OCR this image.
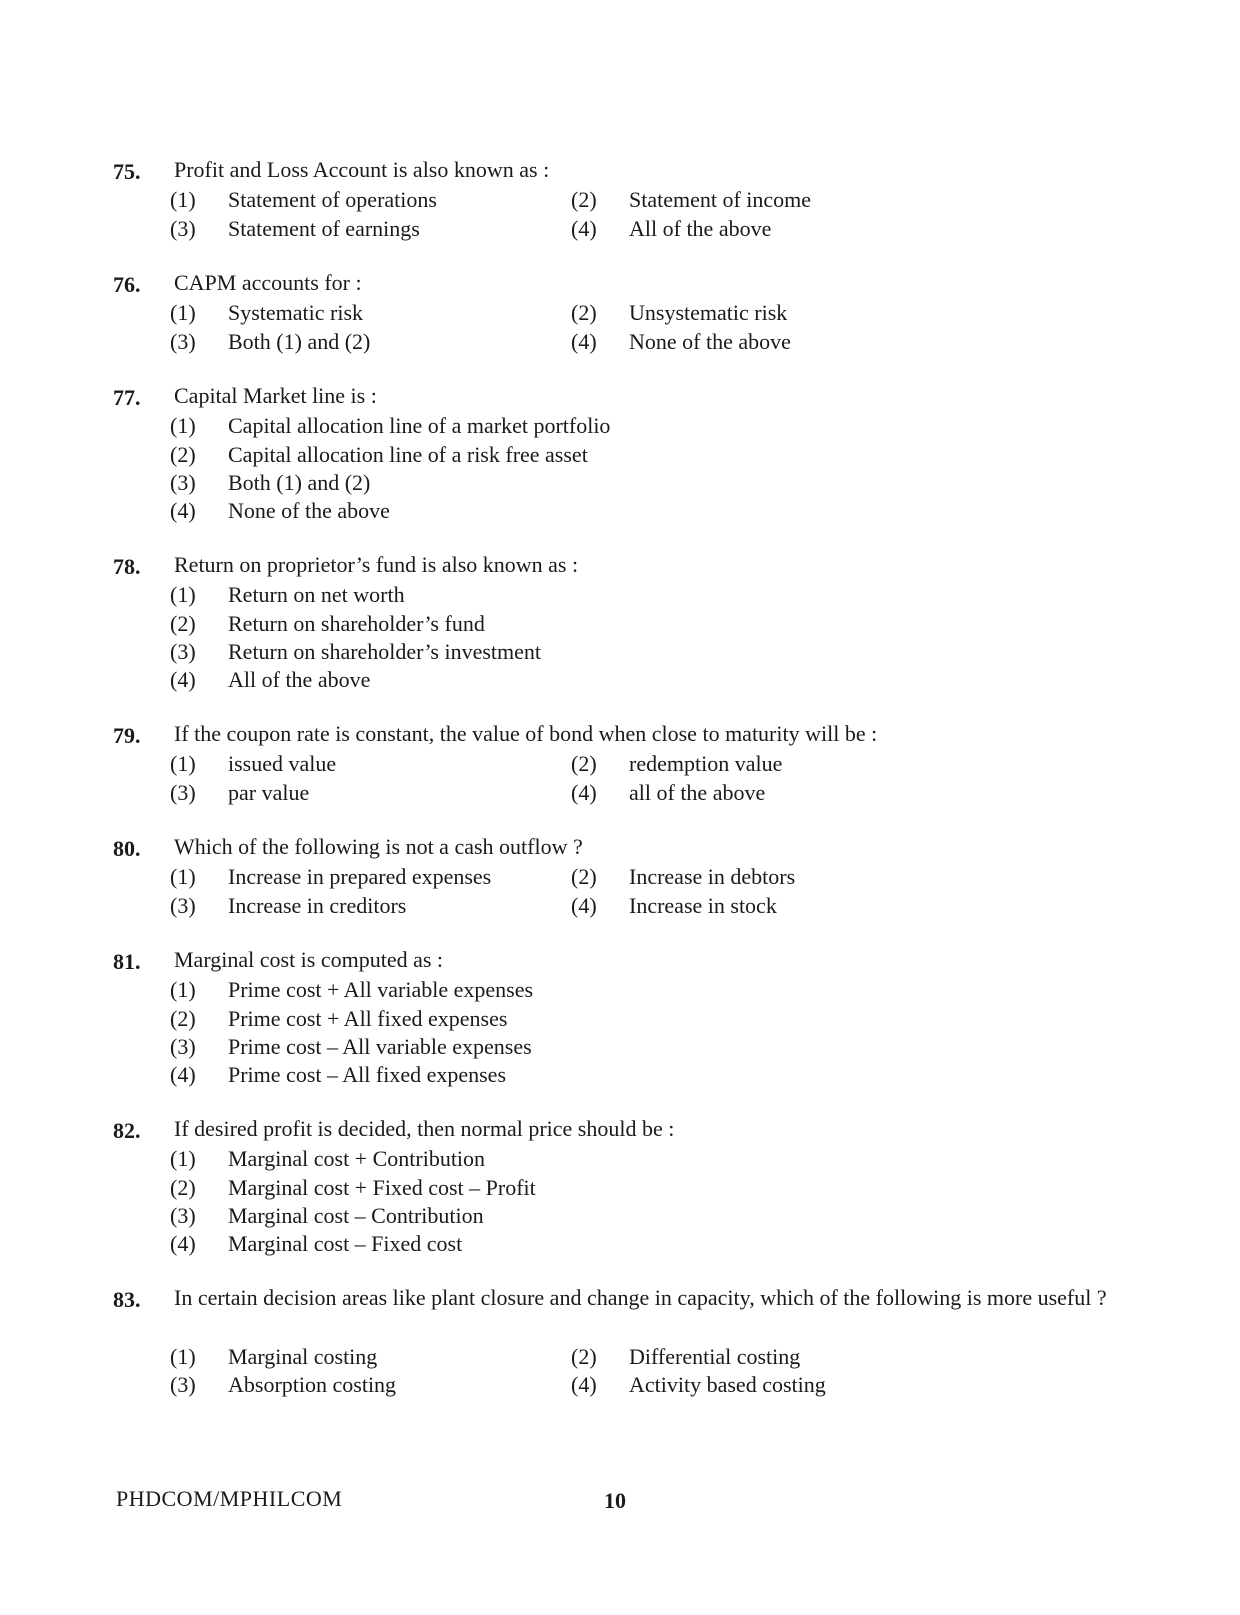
75. Profit and Loss Account is also known as :
(1) Statement of operations	(2) Statement of income
(3) Statement of earnings	(4) All of the above
76. CAPM accounts for :
(1) Systematic risk	(2) Unsystematic risk
(3) Both (1) and (2)	(4) None of the above
77. Capital Market line is :
(1) Capital allocation line of a market portfolio
(2) Capital allocation line of a risk free asset
(3) Both (1) and (2)
(4) None of the above
78. Return on proprietor’s fund is also known as :
(1) Return on net worth
(2) Return on shareholder’s fund
(3) Return on shareholder’s investment
(4) All of the above
79. If the coupon rate is constant, the value of bond when close to maturity will be :
(1) issued value	(2) redemption value
(3) par value	(4) all of the above
80. Which of the following is not a cash outflow ?
(1) Increase in prepared expenses	(2) Increase in debtors
(3) Increase in creditors	(4) Increase in stock
81. Marginal cost is computed as :
(1) Prime cost + All variable expenses
(2) Prime cost + All fixed expenses
(3) Prime cost – All variable expenses
(4) Prime cost – All fixed expenses
82. If desired profit is decided, then normal price should be :
(1) Marginal cost + Contribution
(2) Marginal cost + Fixed cost – Profit
(3) Marginal cost – Contribution
(4) Marginal cost – Fixed cost
83. In certain decision areas like plant closure and change in capacity, which of the following is more useful ?
(1) Marginal costing	(2) Differential costing
(3) Absorption costing	(4) Activity based costing
PHDCOM/MPHILCOM	10
